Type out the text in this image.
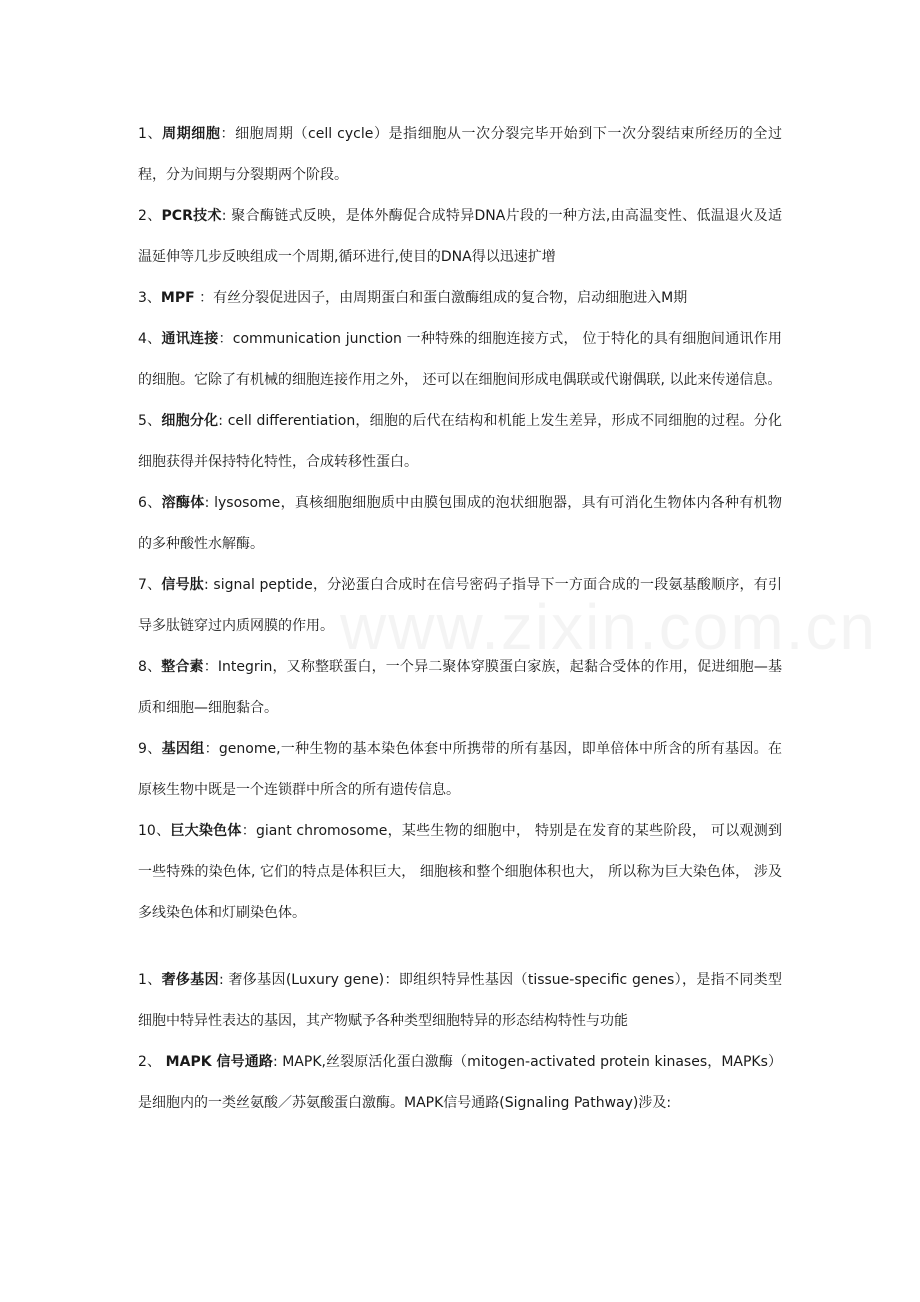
1、周期细胞：细胞周期（cell cycle）是指细胞从一次分裂完毕开始到下一次分裂结束所经历的全过程，分为间期与分裂期两个阶段。

2、PCR技术: 聚合酶链式反映，是体外酶促合成特异DNA片段的一种方法,由高温变性、低温退火及适温延伸等几步反映组成一个周期,循环进行,使目的DNA得以迅速扩增

3、MPF ：有丝分裂促进因子，由周期蛋白和蛋白激酶组成的复合物，启动细胞进入M期

4、通讯连接：communication junction 一种特殊的细胞连接方式， 位于特化的具有细胞间通讯作用的细胞。它除了有机械的细胞连接作用之外， 还可以在细胞间形成电偶联或代谢偶联, 以此来传递信息。

5、细胞分化: cell differentiation，细胞的后代在结构和机能上发生差异，形成不同细胞的过程。分化细胞获得并保持特化特性，合成转移性蛋白。

6、溶酶体: lysosome，真核细胞细胞质中由膜包围成的泡状细胞器，具有可消化生物体内各种有机物的多种酸性水解酶。

7、信号肽: signal peptide，分泌蛋白合成时在信号密码子指导下一方面合成的一段氨基酸顺序，有引导多肽链穿过内质网膜的作用。

8、整合素：Integrin，又称整联蛋白，一个异二聚体穿膜蛋白家族，起黏合受体的作用，促进细胞—基质和细胞—细胞黏合。

9、基因组：genome,一种生物的基本染色体套中所携带的所有基因，即单倍体中所含的所有基因。在原核生物中既是一个连锁群中所含的所有遗传信息。

10、巨大染色体：giant chromosome，某些生物的细胞中， 特别是在发育的某些阶段， 可以观测到一些特殊的染色体, 它们的特点是体积巨大， 细胞核和整个细胞体积也大， 所以称为巨大染色体， 涉及多线染色体和灯刷染色体。

1、奢侈基因: 奢侈基因(Luxury gene)：即组织特异性基因（tissue-specific genes），是指不同类型细胞中特异性表达的基因，其产物赋予各种类型细胞特异的形态结构特性与功能

2、 MAPK 信号通路: MAPK,丝裂原活化蛋白激酶（mitogen-activated protein kinases，MAPKs）是细胞内的一类丝氨酸／苏氨酸蛋白激酶。MAPK信号通路(Signaling Pathway)涉及:
